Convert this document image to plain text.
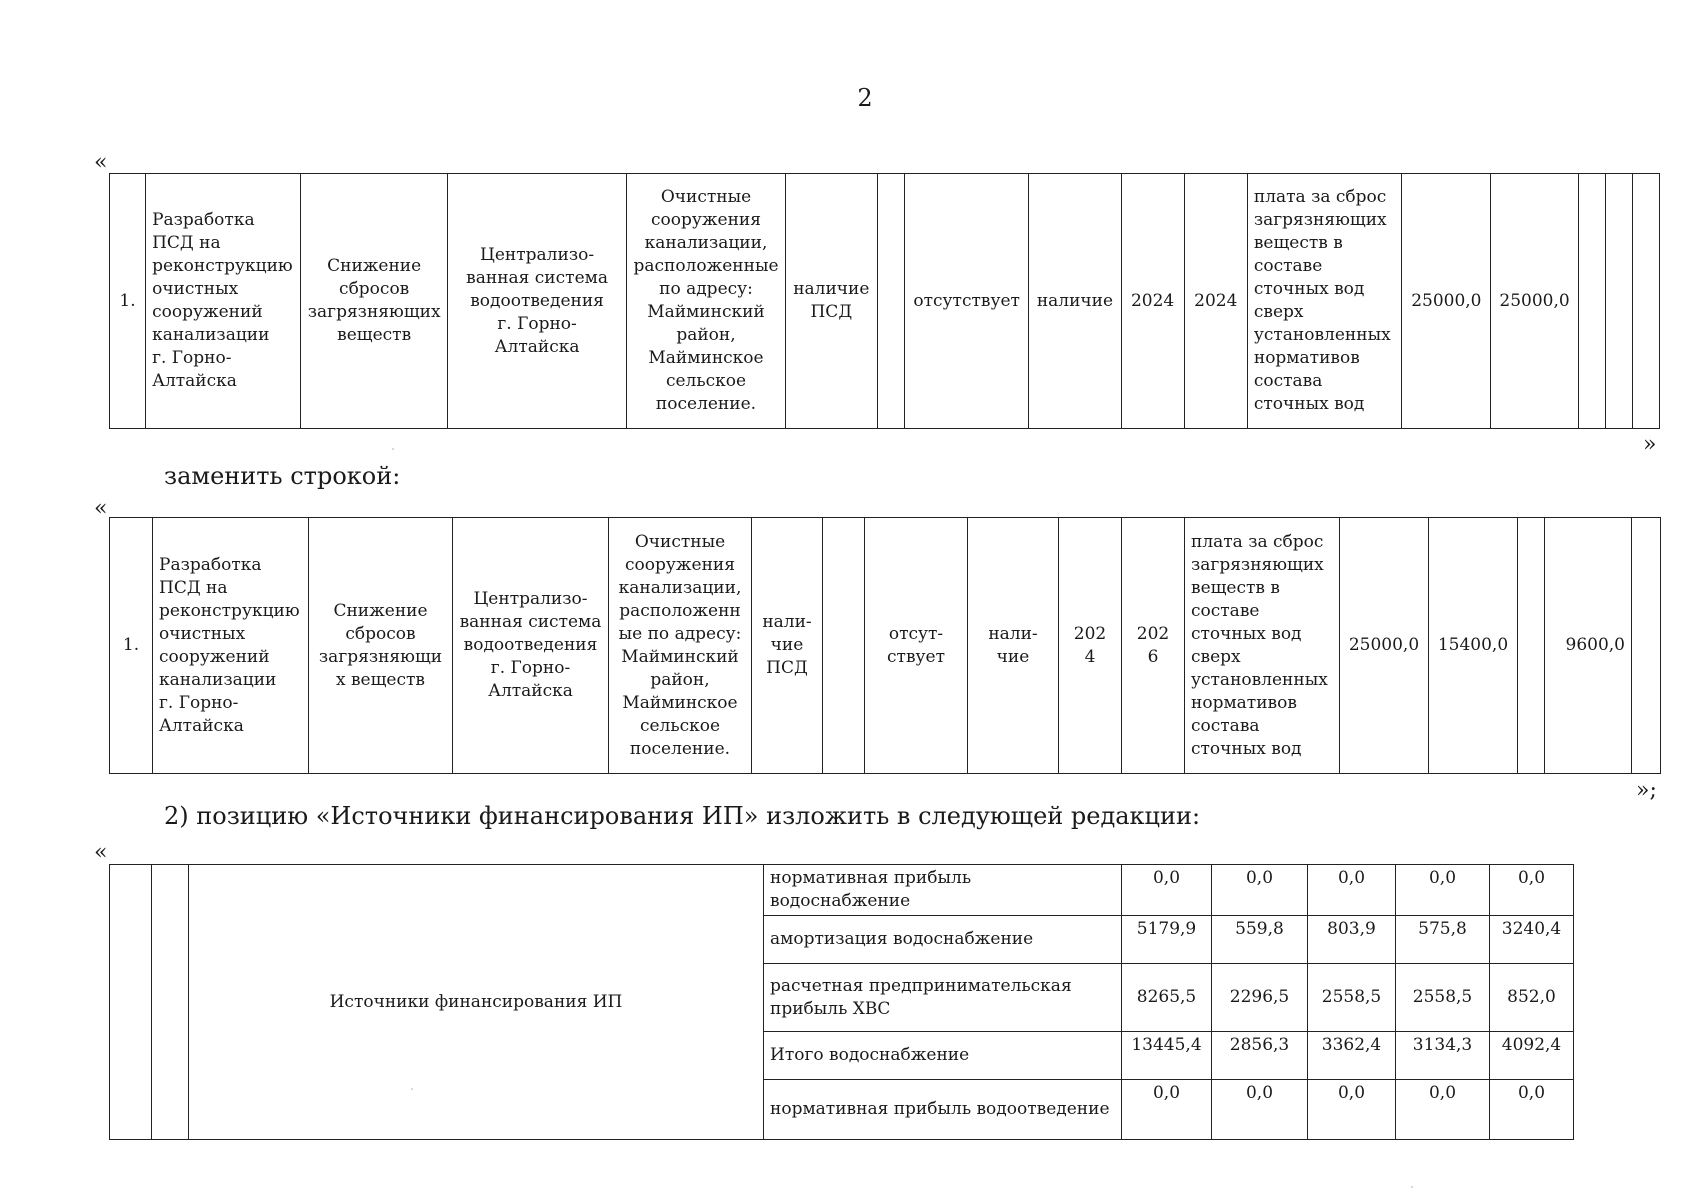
2
«
1.	Разработка
ПСД на
реконструкцию
очистных
сооружений
канализации
г. Горно-
Алтайска	Снижение
сбросов
загрязняющих
веществ	Централизо-
ванная система
водоотведения
г. Горно-
Алтайска	Очистные
сооружения
канализации,
расположенные
по адресу:
Майминский
район,
Майминское
сельское
поселение.	наличие
ПСД		отсутствует	наличие	2024	2024	плата за сброс
загрязняющих
веществ в
составе
сточных вод
сверх
установленных
нормативов
состава
сточных вод	25000,0	25000,0			
»
заменить строкой:
«
1.	Разработка
ПСД на
реконструкцию
очистных
сооружений
канализации
г. Горно-
Алтайска	Снижение
сбросов
загрязняющи
х веществ	Централизо-
ванная система
водоотведения
г. Горно-
Алтайска	Очистные
сооружения
канализации,
расположенн
ые по адресу:
Майминский
район,
Майминское
сельское
поселение.	нали-
чие
ПСД		отсут-
ствует	нали-
чие	202
4	202
6	плата за сброс
загрязняющих
веществ в
составе
сточных вод
сверх
установленных
нормативов
состава
сточных вод	25000,0	15400,0		9600,0	
»;
2) позицию «Источники финансирования ИП» изложить в следующей редакции:
«
		Источники финансирования ИП	нормативная прибыль водоснабжение	0,0	0,0	0,0	0,0	0,0
			амортизация водоснабжение	5179,9	559,8	803,9	575,8	3240,4
			расчетная предпринимательская прибыль ХВС	8265,5	2296,5	2558,5	2558,5	852,0
			Итого водоснабжение	13445,4	2856,3	3362,4	3134,3	4092,4
			нормативная прибыль водоотведение	0,0	0,0	0,0	0,0	0,0
